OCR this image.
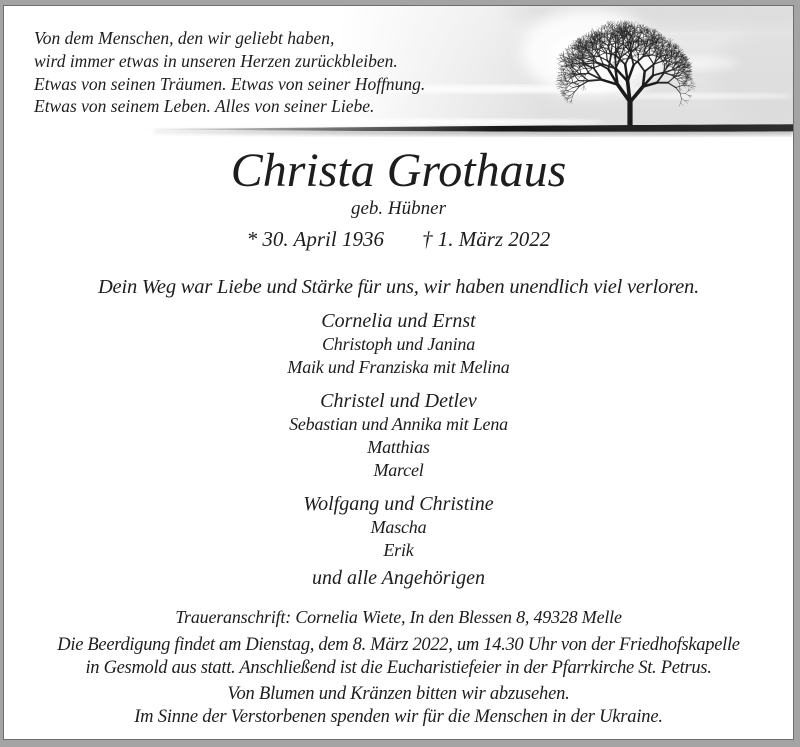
Von dem Menschen, den wir geliebt haben,
wird immer etwas in unseren Herzen zurückbleiben.
Etwas von seinen Träumen. Etwas von seiner Hoffnung.
Etwas von seinem Leben. Alles von seiner Liebe.
Christa Grothaus

geb. Hübner

* 30. April 1936 † 1. März 2022

Dein Weg war Liebe und Stärke für uns, wir haben unendlich viel verloren.

Cornelia und Ernst

Christoph und Janina

Maik und Franziska mit Melina

Christel und Detlev

Sebastian und Annika mit Lena

Matthias

Marcel

Wolfgang und Christine

Mascha

Erik

und alle Angehörigen

Traueranschrift: Cornelia Wiete, In den Blessen 8, 49328 Melle

Die Beerdigung findet am Dienstag, dem 8. März 2022, um 14.30 Uhr von der Friedhofskapelle
in Gesmold aus statt. Anschließend ist die Eucharistiefeier in der Pfarrkirche St. Petrus.

Von Blumen und Kränzen bitten wir abzusehen.

Im Sinne der Verstorbenen spenden wir für die Menschen in der Ukraine.
